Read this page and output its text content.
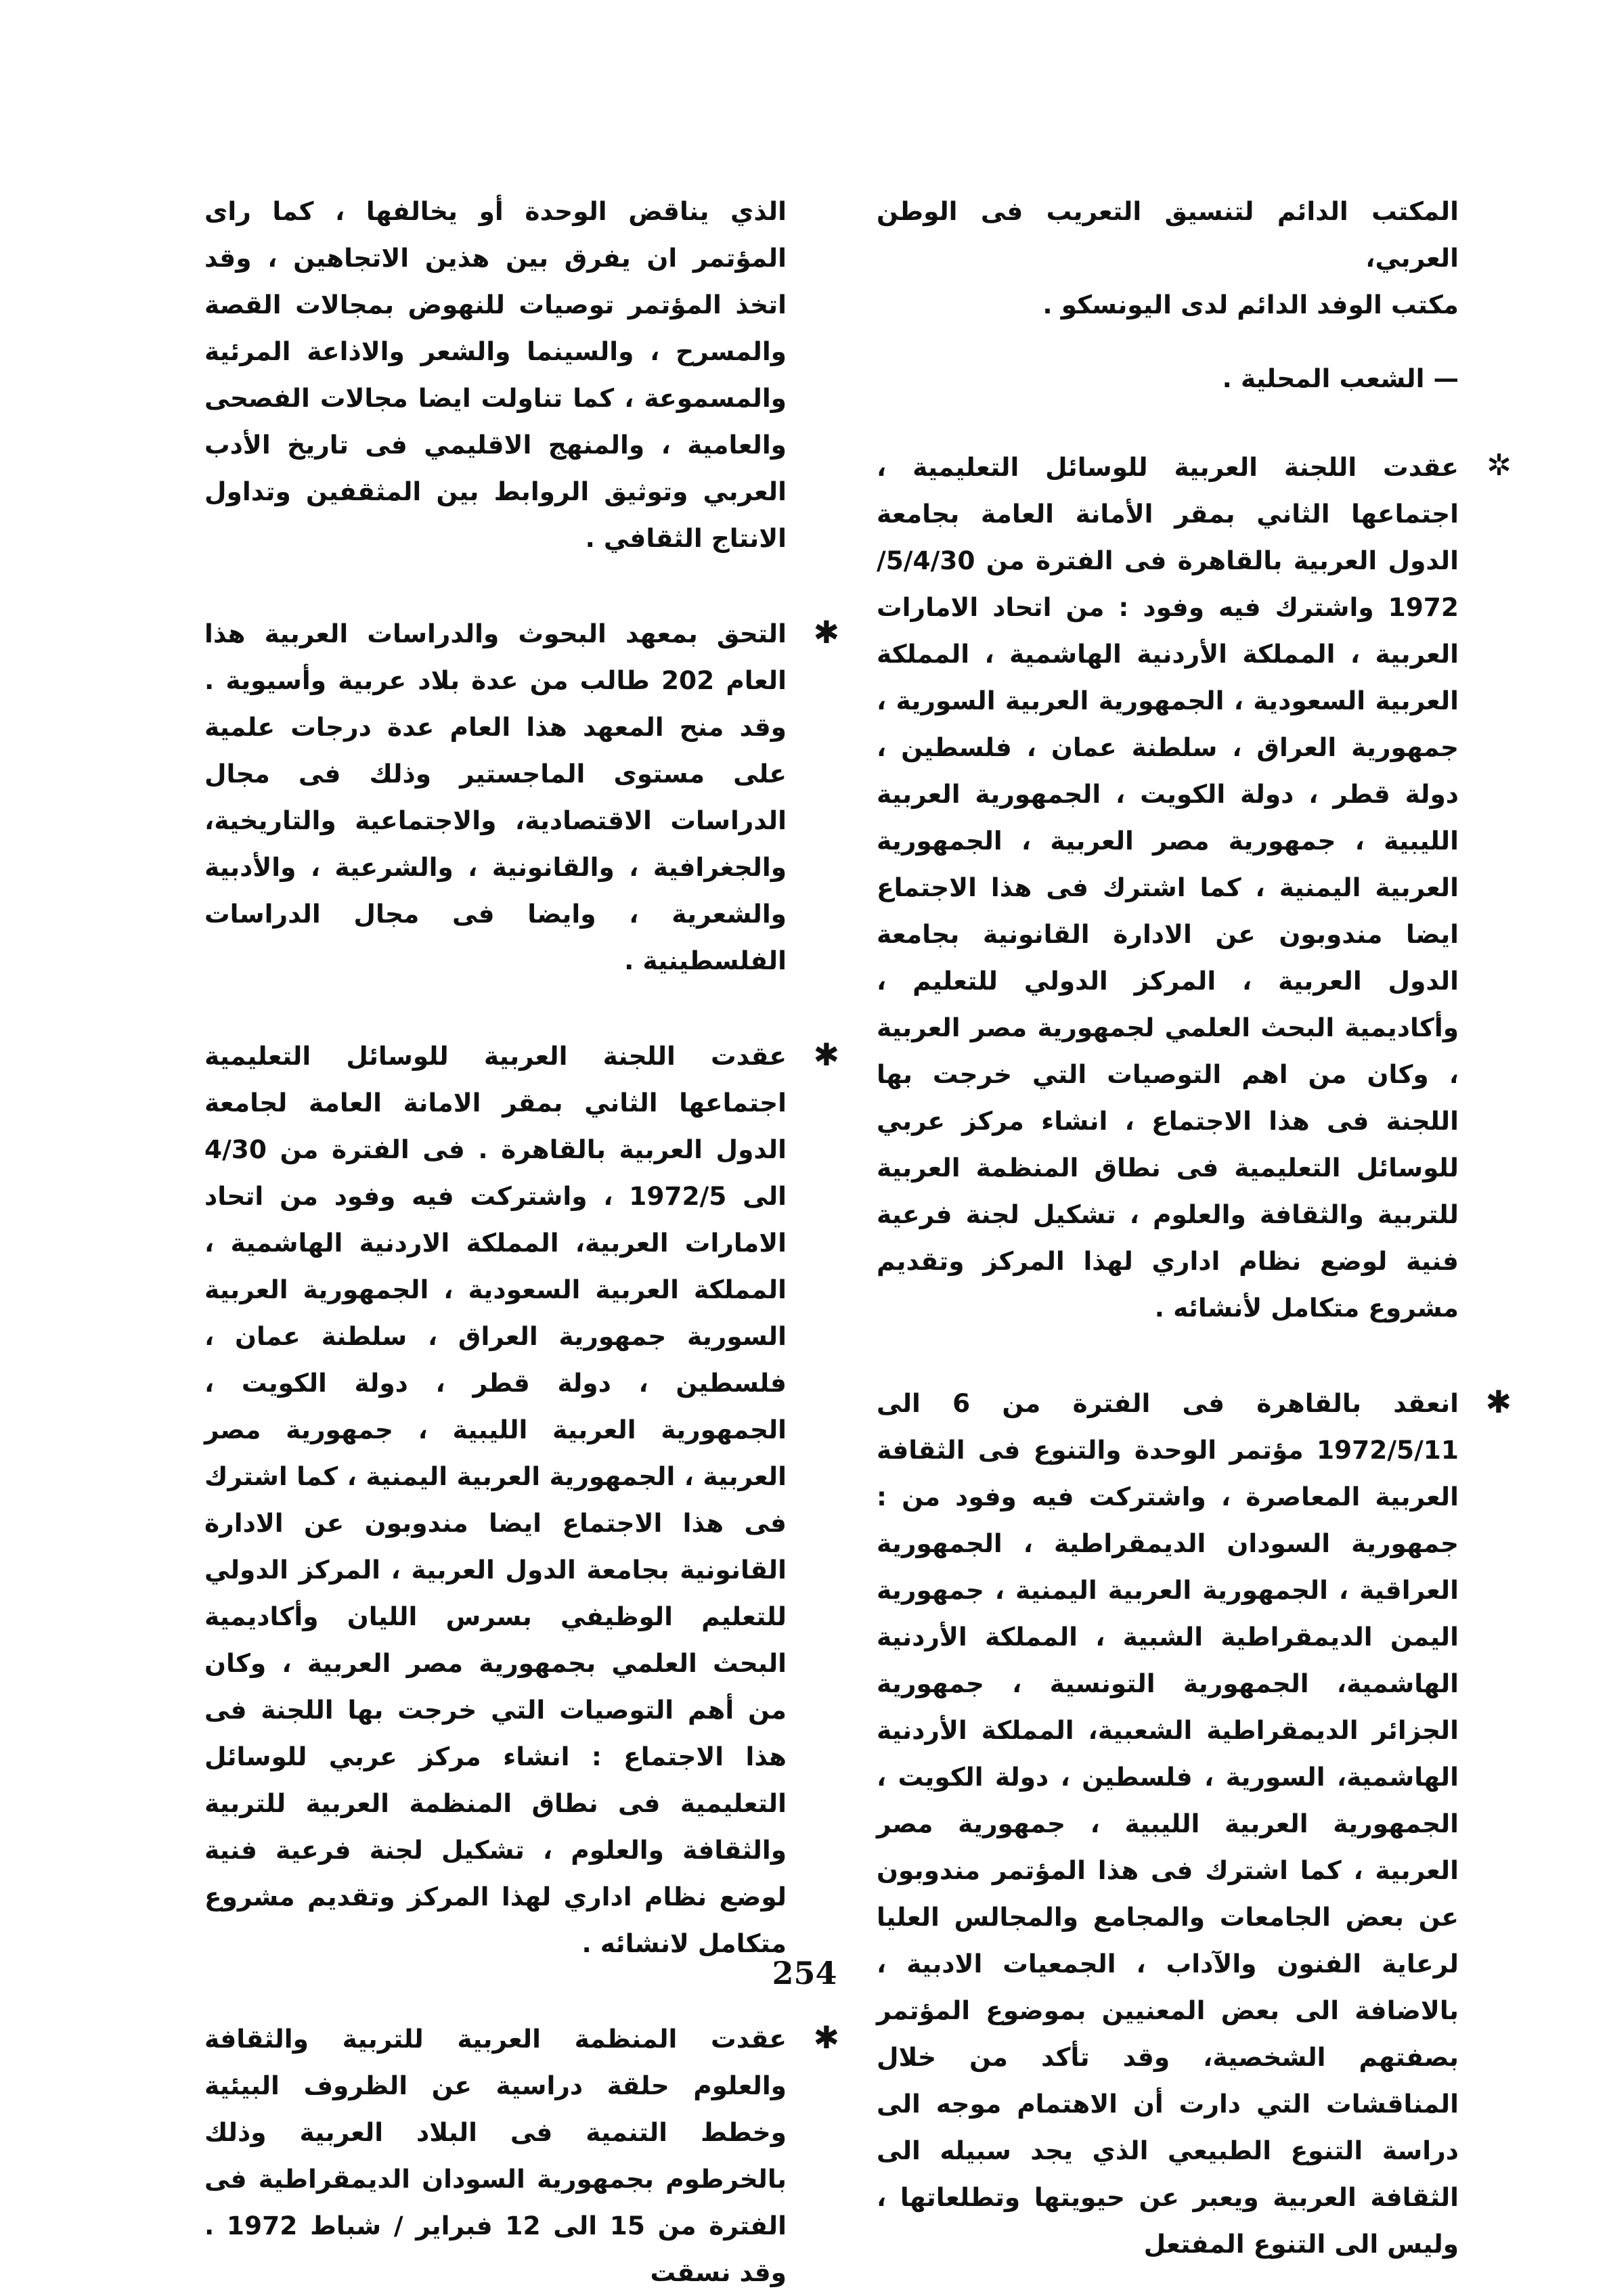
المكتب الدائم لتنسيق التعريب فى الوطن العربي،

مكتب الوفد الدائم لدى اليونسكو .

— الشعب المحلية .

✲

عقدت اللجنة العربية للوسائل التعليمية ، اجتماعها الثاني بمقر الأمانة العامة بجامعة الدول العربية بالقاهرة فى الفترة من 5/4/30/ 1972 واشترك فيه وفود : من اتحاد الامارات العربية ، المملكة الأردنية الهاشمية ، المملكة العربية السعودية ، الجمهورية العربية السورية ، جمهورية العراق ، سلطنة عمان ، فلسطين ، دولة قطر ، دولة الكويت ، الجمهورية العربية الليبية ، جمهورية مصر العربية ، الجمهورية العربية اليمنية ، كما اشترك فى هذا الاجتماع ايضا مندوبون عن الادارة القانونية بجامعة الدول العربية ، المركز الدولي للتعليم ، وأكاديمية البحث العلمي لجمهورية مصر العربية ، وكان من اهم التوصيات التي خرجت بها اللجنة فى هذا الاجتماع ، انشاء مركز عربي للوسائل التعليمية فى نطاق المنظمة العربية للتربية والثقافة والعلوم ، تشكيل لجنة فرعية فنية لوضع نظام اداري لهذا المركز وتقديم مشروع متكامل لأنشائه .

✱

انعقد بالقاهرة فى الفترة من 6 الى 1972/5/11 مؤتمر الوحدة والتنوع فى الثقافة العربية المعاصرة ، واشتركت فيه وفود من : جمهورية السودان الديمقراطية ، الجمهورية العراقية ، الجمهورية العربية اليمنية ، جمهورية اليمن الديمقراطية الشبية ، المملكة الأردنية الهاشمية، الجمهورية التونسية ، جمهورية الجزائر الديمقراطية الشعبية، المملكة الأردنية الهاشمية، السورية ، فلسطين ، دولة الكويت ، الجمهورية العربية الليبية ، جمهورية مصر العربية ، كما اشترك فى هذا المؤتمر مندوبون عن بعض الجامعات والمجامع والمجالس العليا لرعاية الفنون والآداب ، الجمعيات الادبية ، بالاضافة الى بعض المعنيين بموضوع المؤتمر بصفتهم الشخصية، وقد تأكد من خلال المناقشات التي دارت أن الاهتمام موجه الى دراسة التنوع الطبيعي الذي يجد سبيله الى الثقافة العربية ويعبر عن حيويتها وتطلعاتها ، وليس الى التنوع المفتعل

الذي يناقض الوحدة أو يخالفها ، كما راى المؤتمر ان يفرق بين هذين الاتجاهين ، وقد اتخذ المؤتمر توصيات للنهوض بمجالات القصة والمسرح ، والسينما والشعر والاذاعة المرئية والمسموعة ، كما تناولت ايضا مجالات الفصحى والعامية ، والمنهج الاقليمي فى تاريخ الأدب العربي وتوثيق الروابط بين المثقفين وتداول الانتاج الثقافي .

✱

التحق بمعهد البحوث والدراسات العربية هذا العام 202 طالب من عدة بلاد عربية وأسيوية . وقد منح المعهد هذا العام عدة درجات علمية على مستوى الماجستير وذلك فى مجال الدراسات الاقتصادية، والاجتماعية والتاريخية، والجغرافية ، والقانونية ، والشرعية ، والأدبية والشعرية ، وايضا فى مجال الدراسات الفلسطينية .

✱

عقدت اللجنة العربية للوسائل التعليمية اجتماعها الثاني بمقر الامانة العامة لجامعة الدول العربية بالقاهرة . فى الفترة من 4/30 الى 1972/5 ، واشتركت فيه وفود من اتحاد الامارات العربية، المملكة الاردنية الهاشمية ، المملكة العربية السعودية ، الجمهورية العربية السورية جمهورية العراق ، سلطنة عمان ، فلسطين ، دولة قطر ، دولة الكويت ، الجمهورية العربية الليبية ، جمهورية مصر العربية ، الجمهورية العربية اليمنية ، كما اشترك فى هذا الاجتماع ايضا مندوبون عن الادارة القانونية بجامعة الدول العربية ، المركز الدولي للتعليم الوظيفي بسرس الليان وأكاديمية البحث العلمي بجمهورية مصر العربية ، وكان من أهم التوصيات التي خرجت بها اللجنة فى هذا الاجتماع : انشاء مركز عربي للوسائل التعليمية فى نطاق المنظمة العربية للتربية والثقافة والعلوم ، تشكيل لجنة فرعية فنية لوضع نظام اداري لهذا المركز وتقديم مشروع متكامل لانشائه .

✱

عقدت المنظمة العربية للتربية والثقافة والعلوم حلقة دراسية عن الظروف البيئية وخطط التنمية فى البلاد العربية وذلك بالخرطوم بجمهورية السودان الديمقراطية فى الفترة من 15 الى 12 فبراير / شباط 1972 . وقد نسقت

254
